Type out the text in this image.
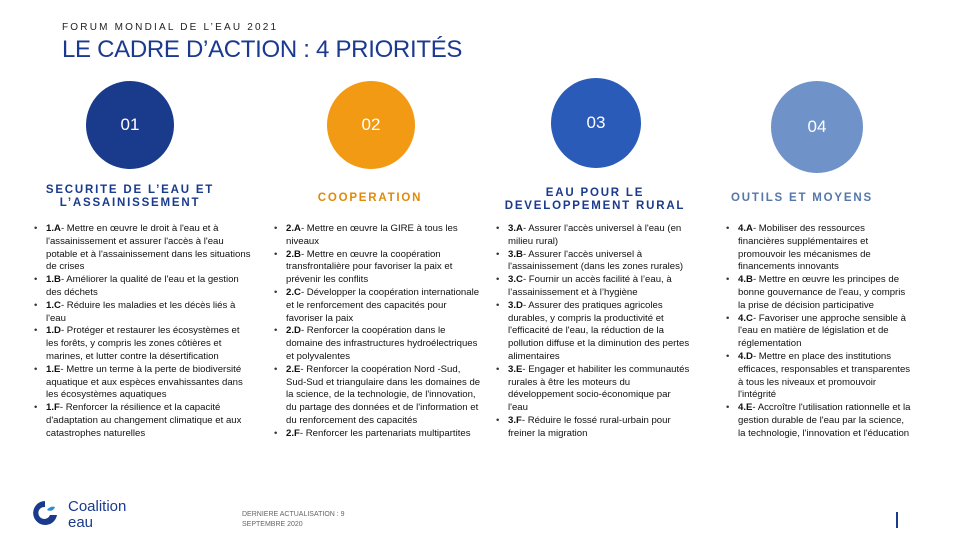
FORUM MONDIAL DE L’EAU 2021
LE CADRE D’ACTION : 4 PRIORITÉS
01	02	03	04
SECURITE DE L’EAU ET L’ASSAINISSEMENT	COOPERATION	EAU POUR LE DEVELOPPEMENT RURAL
OUTILS ET MOYENS
• 1.A- Mettre en œuvre le droit à l'eau et à l'assainissement et assurer l'accès à l'eau potable et à l'assainissement dans les situations de crises
• 1.B- Améliorer la qualité de l'eau et la gestion des déchets
• 1.C- Réduire les maladies et les décès liés à l'eau
• 1.D- Protéger et restaurer les écosystèmes et les forêts, y compris les zones côtières et marines, et lutter contre la désertification
• 1.E- Mettre un terme à la perte de biodiversité aquatique et aux espèces envahissantes dans les écosystèmes aquatiques
• 1.F- Renforcer la résilience et la capacité d'adaptation au changement climatique et aux catastrophes naturelles
• 2.A- Mettre en œuvre la GIRE à tous les niveaux
• 2.B- Mettre en œuvre la coopération transfrontalière pour favoriser la paix et prévenir les conflits
• 2.C- Développer la coopération internationale et le renforcement des capacités pour favoriser la paix
• 2.D- Renforcer la coopération dans le domaine des infrastructures hydroélectriques et polyvalentes
• 2.E- Renforcer la coopération Nord -Sud, Sud-Sud et triangulaire dans les domaines de la science, de la technologie, de l'innovation, du partage des données et de l'information et du renforcement des capacités
• 2.F- Renforcer les partenariats multipartites
• 3.A- Assurer l'accès universel à l'eau (en milieu rural)
• 3.B- Assurer l'accès universel à l'assainissement (dans les zones rurales)
• 3.C- Fournir un accès facilité à l’eau, à l’assainissement et à l’hygiène
• 3.D- Assurer des pratiques agricoles durables, y compris la productivité et l'efficacité de l'eau, la réduction de la pollution diffuse et la diminution des pertes alimentaires
• 3.E- Engager et habiliter les communautés rurales à être les moteurs du développement socio-économique par l'eau
• 3.F- Réduire le fossé rural-urbain pour freiner la migration
• 4.A- Mobiliser des ressources financières supplémentaires et promouvoir les mécanismes de financements innovants
• 4.B- Mettre en œuvre les principes de bonne gouvernance de l'eau, y compris la prise de décision participative
• 4.C- Favoriser une approche sensible à l'eau en matière de législation et de réglementation
• 4.D- Mettre en place des institutions efficaces, responsables et transparentes à tous les niveaux et promouvoir l'intégrité
• 4.E- Accroître l'utilisation rationnelle et la gestion durable de l'eau par la science, la technologie, l'innovation et l'éducation
Coalition
eau	DERNIERE ACTUALISATION : 9
SEPTEMBRE 2020
